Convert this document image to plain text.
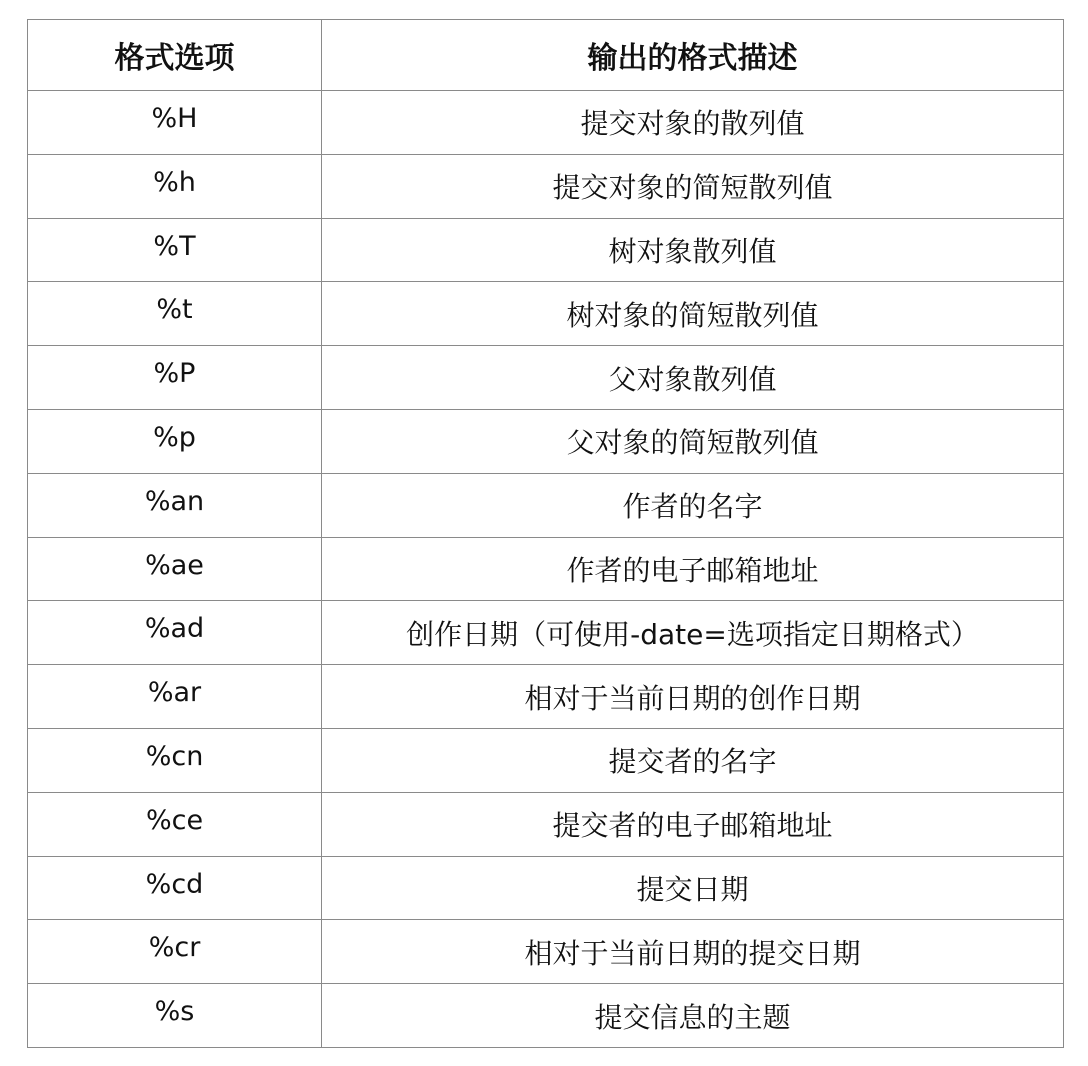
格式选项	输出的格式描述
%H	提交对象的散列值
%h	提交对象的简短散列值
%T	树对象散列值
%t	树对象的简短散列值
%P	父对象散列值
%p	父对象的简短散列值
%an	作者的名字
%ae	作者的电子邮箱地址
%ad	创作日期（可使用-date=选项指定日期格式）
%ar	相对于当前日期的创作日期
%cn	提交者的名字
%ce	提交者的电子邮箱地址
%cd	提交日期
%cr	相对于当前日期的提交日期
%s	提交信息的主题
